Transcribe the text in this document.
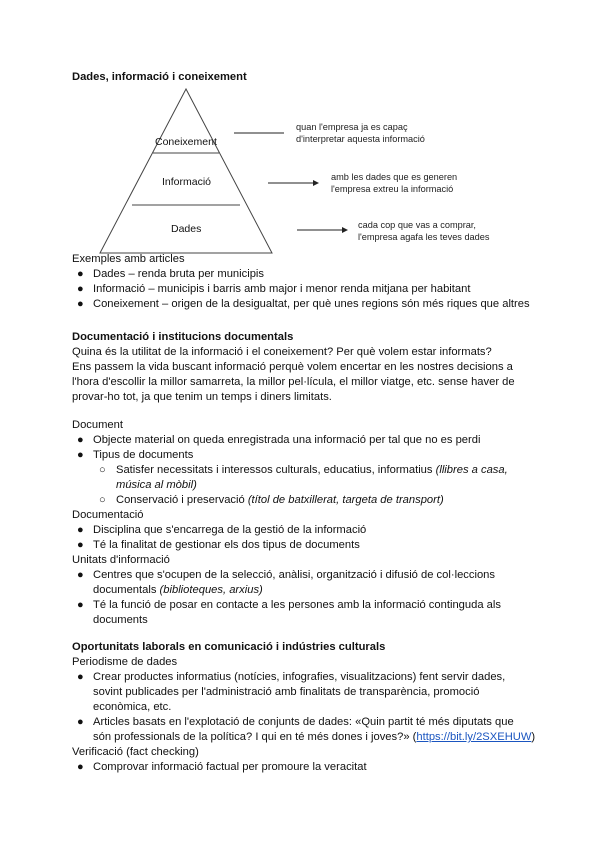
Dades, informació i coneixement
Coneixement
Informació
Dades
quan l'empresa ja es capaç
d'interpretar aquesta informació
amb les dades que es generen
l'empresa extreu la informació
cada cop que vas a comprar,
l'empresa agafa les teves dades
Exemples amb articles
● Dades – renda bruta per municipis
● Informació – municipis i barris amb major i menor renda mitjana per habitant
● Coneixement – origen de la desigualtat, per què unes regions són més riques que altres
Documentació i institucions documentals
Quina és la utilitat de la informació i el coneixement? Per què volem estar informats?
Ens passem la vida buscant informació perquè volem encertar en les nostres decisions a
l'hora d'escollir la millor samarreta, la millor pel·lícula, el millor viatge, etc. sense haver de
provar-ho tot, ja que tenim un temps i diners limitats.
Document
● Objecte material on queda enregistrada una informació per tal que no es perdi
● Tipus de documents
○ Satisfer necessitats i interessos culturals, educatius, informatius (llibres a casa,
música al mòbil)
○ Conservació i preservació (títol de batxillerat, targeta de transport)
Documentació
● Disciplina que s'encarrega de la gestió de la informació
● Té la finalitat de gestionar els dos tipus de documents
Unitats d'informació
● Centres que s'ocupen de la selecció, anàlisi, organització i difusió de col·leccions
documentals (biblioteques, arxius)
● Té la funció de posar en contacte a les persones amb la informació continguda als
documents
Oportunitats laborals en comunicació i indústries culturals
Periodisme de dades
● Crear productes informatius (notícies, infografies, visualitzacions) fent servir dades,
sovint publicades per l'administració amb finalitats de transparència, promoció
econòmica, etc.
● Articles basats en l'explotació de conjunts de dades: «Quin partit té més diputats que
són professionals de la política? I qui en té més dones i joves?» (https://bit.ly/2SXEHUW)
Verificació (fact checking)
● Comprovar informació factual per promoure la veracitat
